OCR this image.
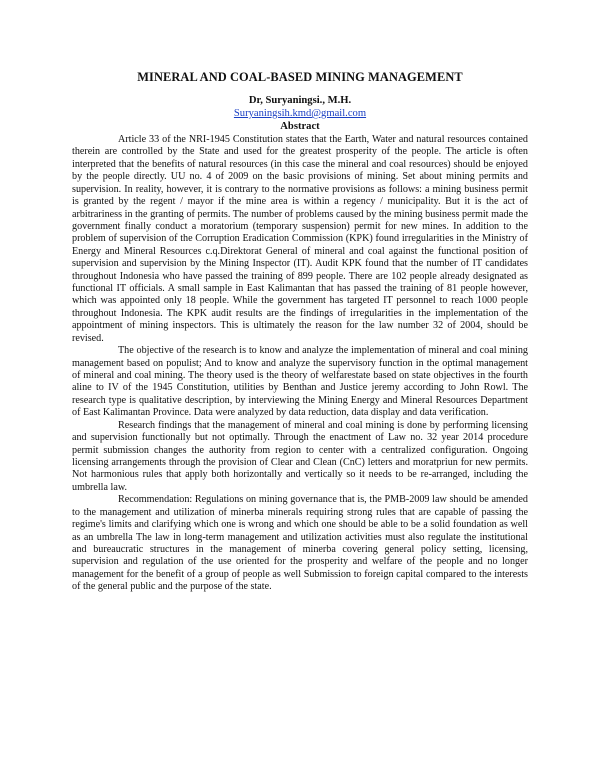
MINERAL AND COAL-BASED MINING MANAGEMENT
Dr, Suryaningsi., M.H.
Suryaningsih.kmd@gmail.com
Abstract

Article 33 of the NRI-1945 Constitution states that the Earth, Water and natural resources contained therein are controlled by the State and used for the greatest prosperity of the people. The article is often interpreted that the benefits of natural resources (in this case the mineral and coal resources) should be enjoyed by the people directly. UU no. 4 of 2009 on the basic provisions of mining. Set about mining permits and supervision. In reality, however, it is contrary to the normative provisions as follows: a mining business permit is granted by the regent / mayor if the mine area is within a regency / municipality. But it is the act of arbitrariness in the granting of permits. The number of problems caused by the mining business permit made the government finally conduct a moratorium (temporary suspension) permit for new mines. In addition to the problem of supervision of the Corruption Eradication Commission (KPK) found irregularities in the Ministry of Energy and Mineral Resources c.q.Direktorat General of mineral and coal against the functional position of supervision and supervision by the Mining Inspector (IT). Audit KPK found that the number of IT candidates throughout Indonesia who have passed the training of 899 people. There are 102 people already designated as functional IT officials. A small sample in East Kalimantan that has passed the training of 81 people however, which was appointed only 18 people. While the government has targeted IT personnel to reach 1000 people throughout Indonesia. The KPK audit results are the findings of irregularities in the implementation of the appointment of mining inspectors. This is ultimately the reason for the law number 32 of 2004, should be revised.

The objective of the research is to know and analyze the implementation of mineral and coal mining management based on populist; And to know and analyze the supervisory function in the optimal management of mineral and coal mining. The theory used is the theory of welfarestate based on state objectives in the fourth aline to IV of the 1945 Constitution, utilities by Benthan and Justice jeremy according to John Rowl. The research type is qualitative description, by interviewing the Mining Energy and Mineral Resources Department of East Kalimantan Province. Data were analyzed by data reduction, data display and data verification.

Research findings that the management of mineral and coal mining is done by performing licensing and supervision functionally but not optimally. Through the enactment of Law no. 32 year 2014 procedure permit submission changes the authority from region to center with a centralized configuration. Ongoing licensing arrangements through the provision of Clear and Clean (CnC) letters and moratpriun for new permits. Not harmonious rules that apply both horizontally and vertically so it needs to be re-arranged, including the umbrella law.

Recommendation: Regulations on mining governance that is, the PMB-2009 law should be amended to the management and utilization of minerba minerals requiring strong rules that are capable of passing the regime's limits and clarifying which one is wrong and which one should be able to be a solid foundation as well as an umbrella The law in long-term management and utilization activities must also regulate the institutional and bureaucratic structures in the management of minerba covering general policy setting, licensing, supervision and regulation of the use oriented for the prosperity and welfare of the people and no longer management for the benefit of a group of people as well Submission to foreign capital compared to the interests of the general public and the purpose of the state.
